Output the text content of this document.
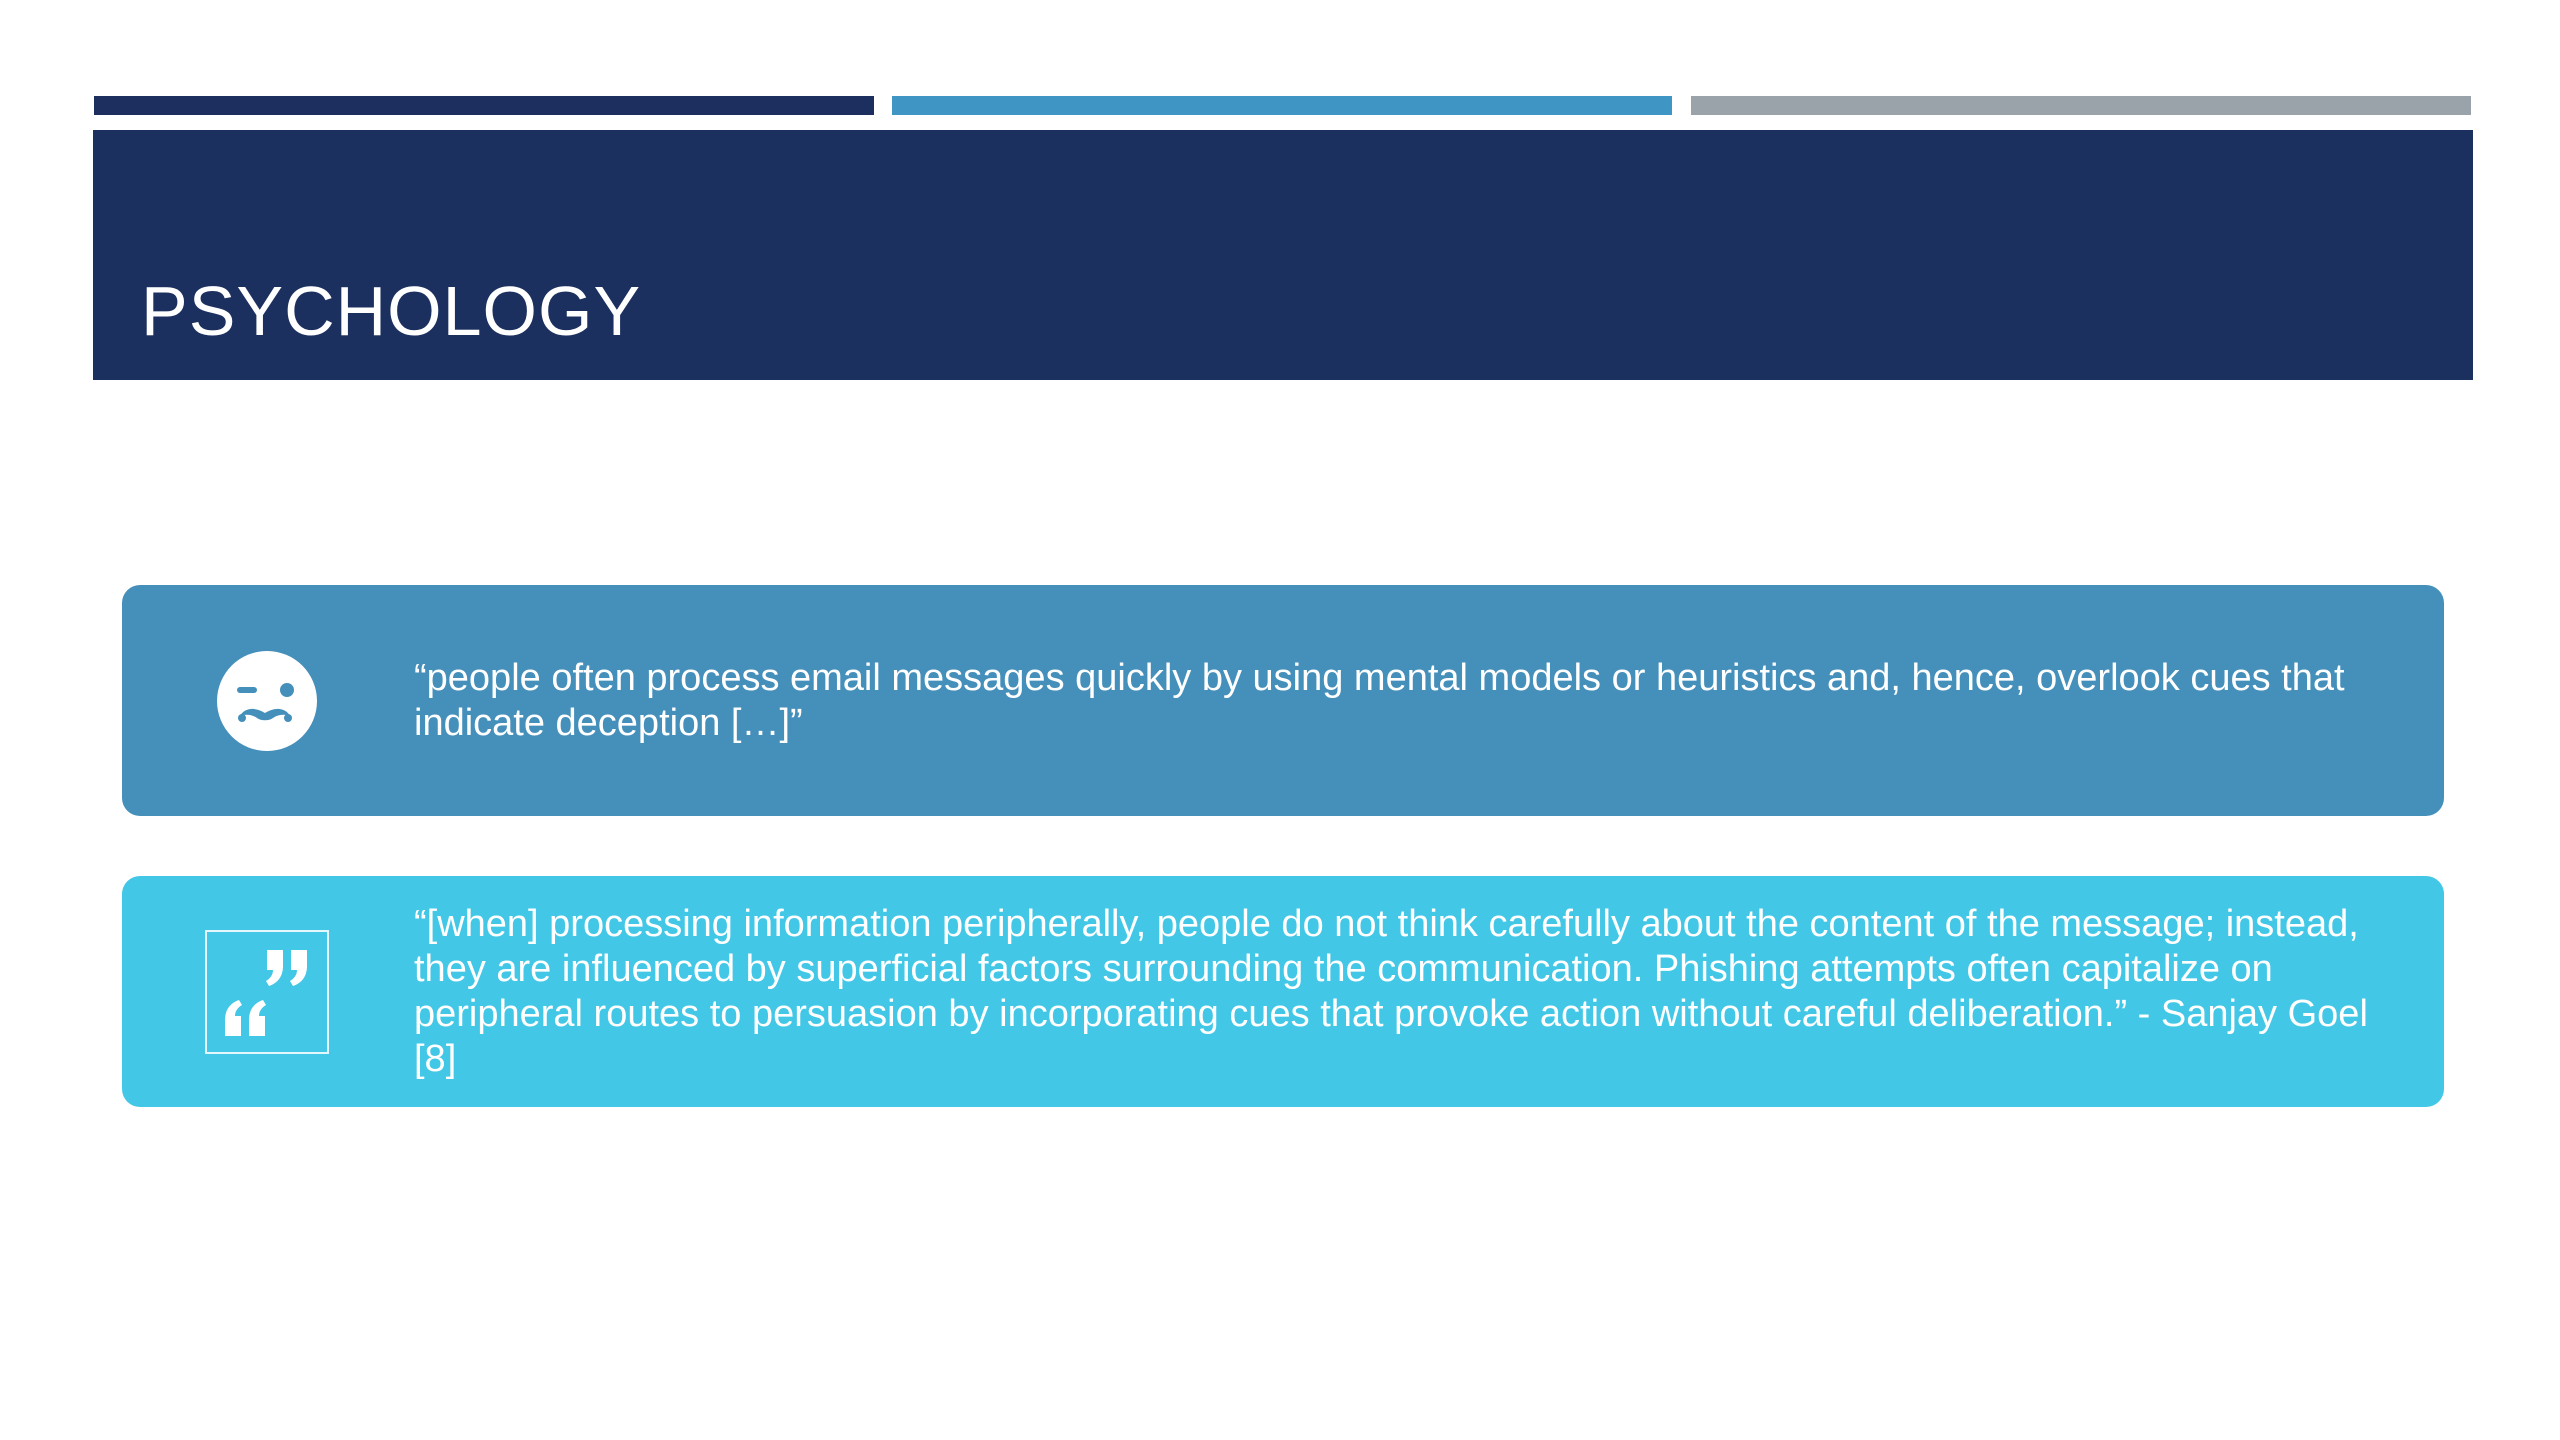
PSYCHOLOGY

“people often process email messages quickly by using mental models or heuristics and, hence, overlook cues that indicate deception […]”

“[when] processing information peripherally, people do not think carefully about the content of the message; instead, they are influenced by superficial factors surrounding the communication. Phishing attempts often capitalize on peripheral routes to persuasion by incorporating cues that provoke action without careful deliberation.” - Sanjay Goel [8]
